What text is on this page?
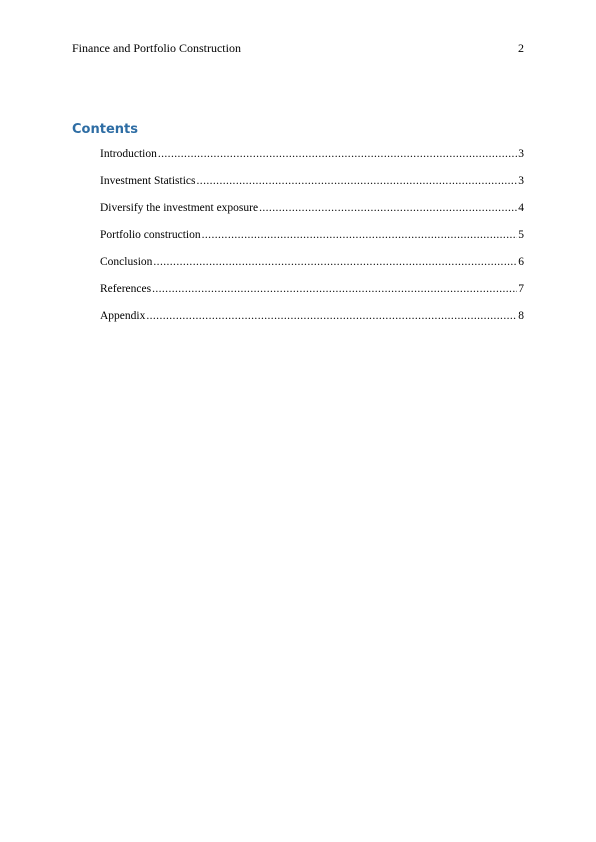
Finance and Portfolio Construction	2
Contents
Introduction .....	3
Investment Statistics .....	3
Diversify the investment exposure .....	4
Portfolio construction .....	5
Conclusion .....	6
References .....	7
Appendix .....	8
